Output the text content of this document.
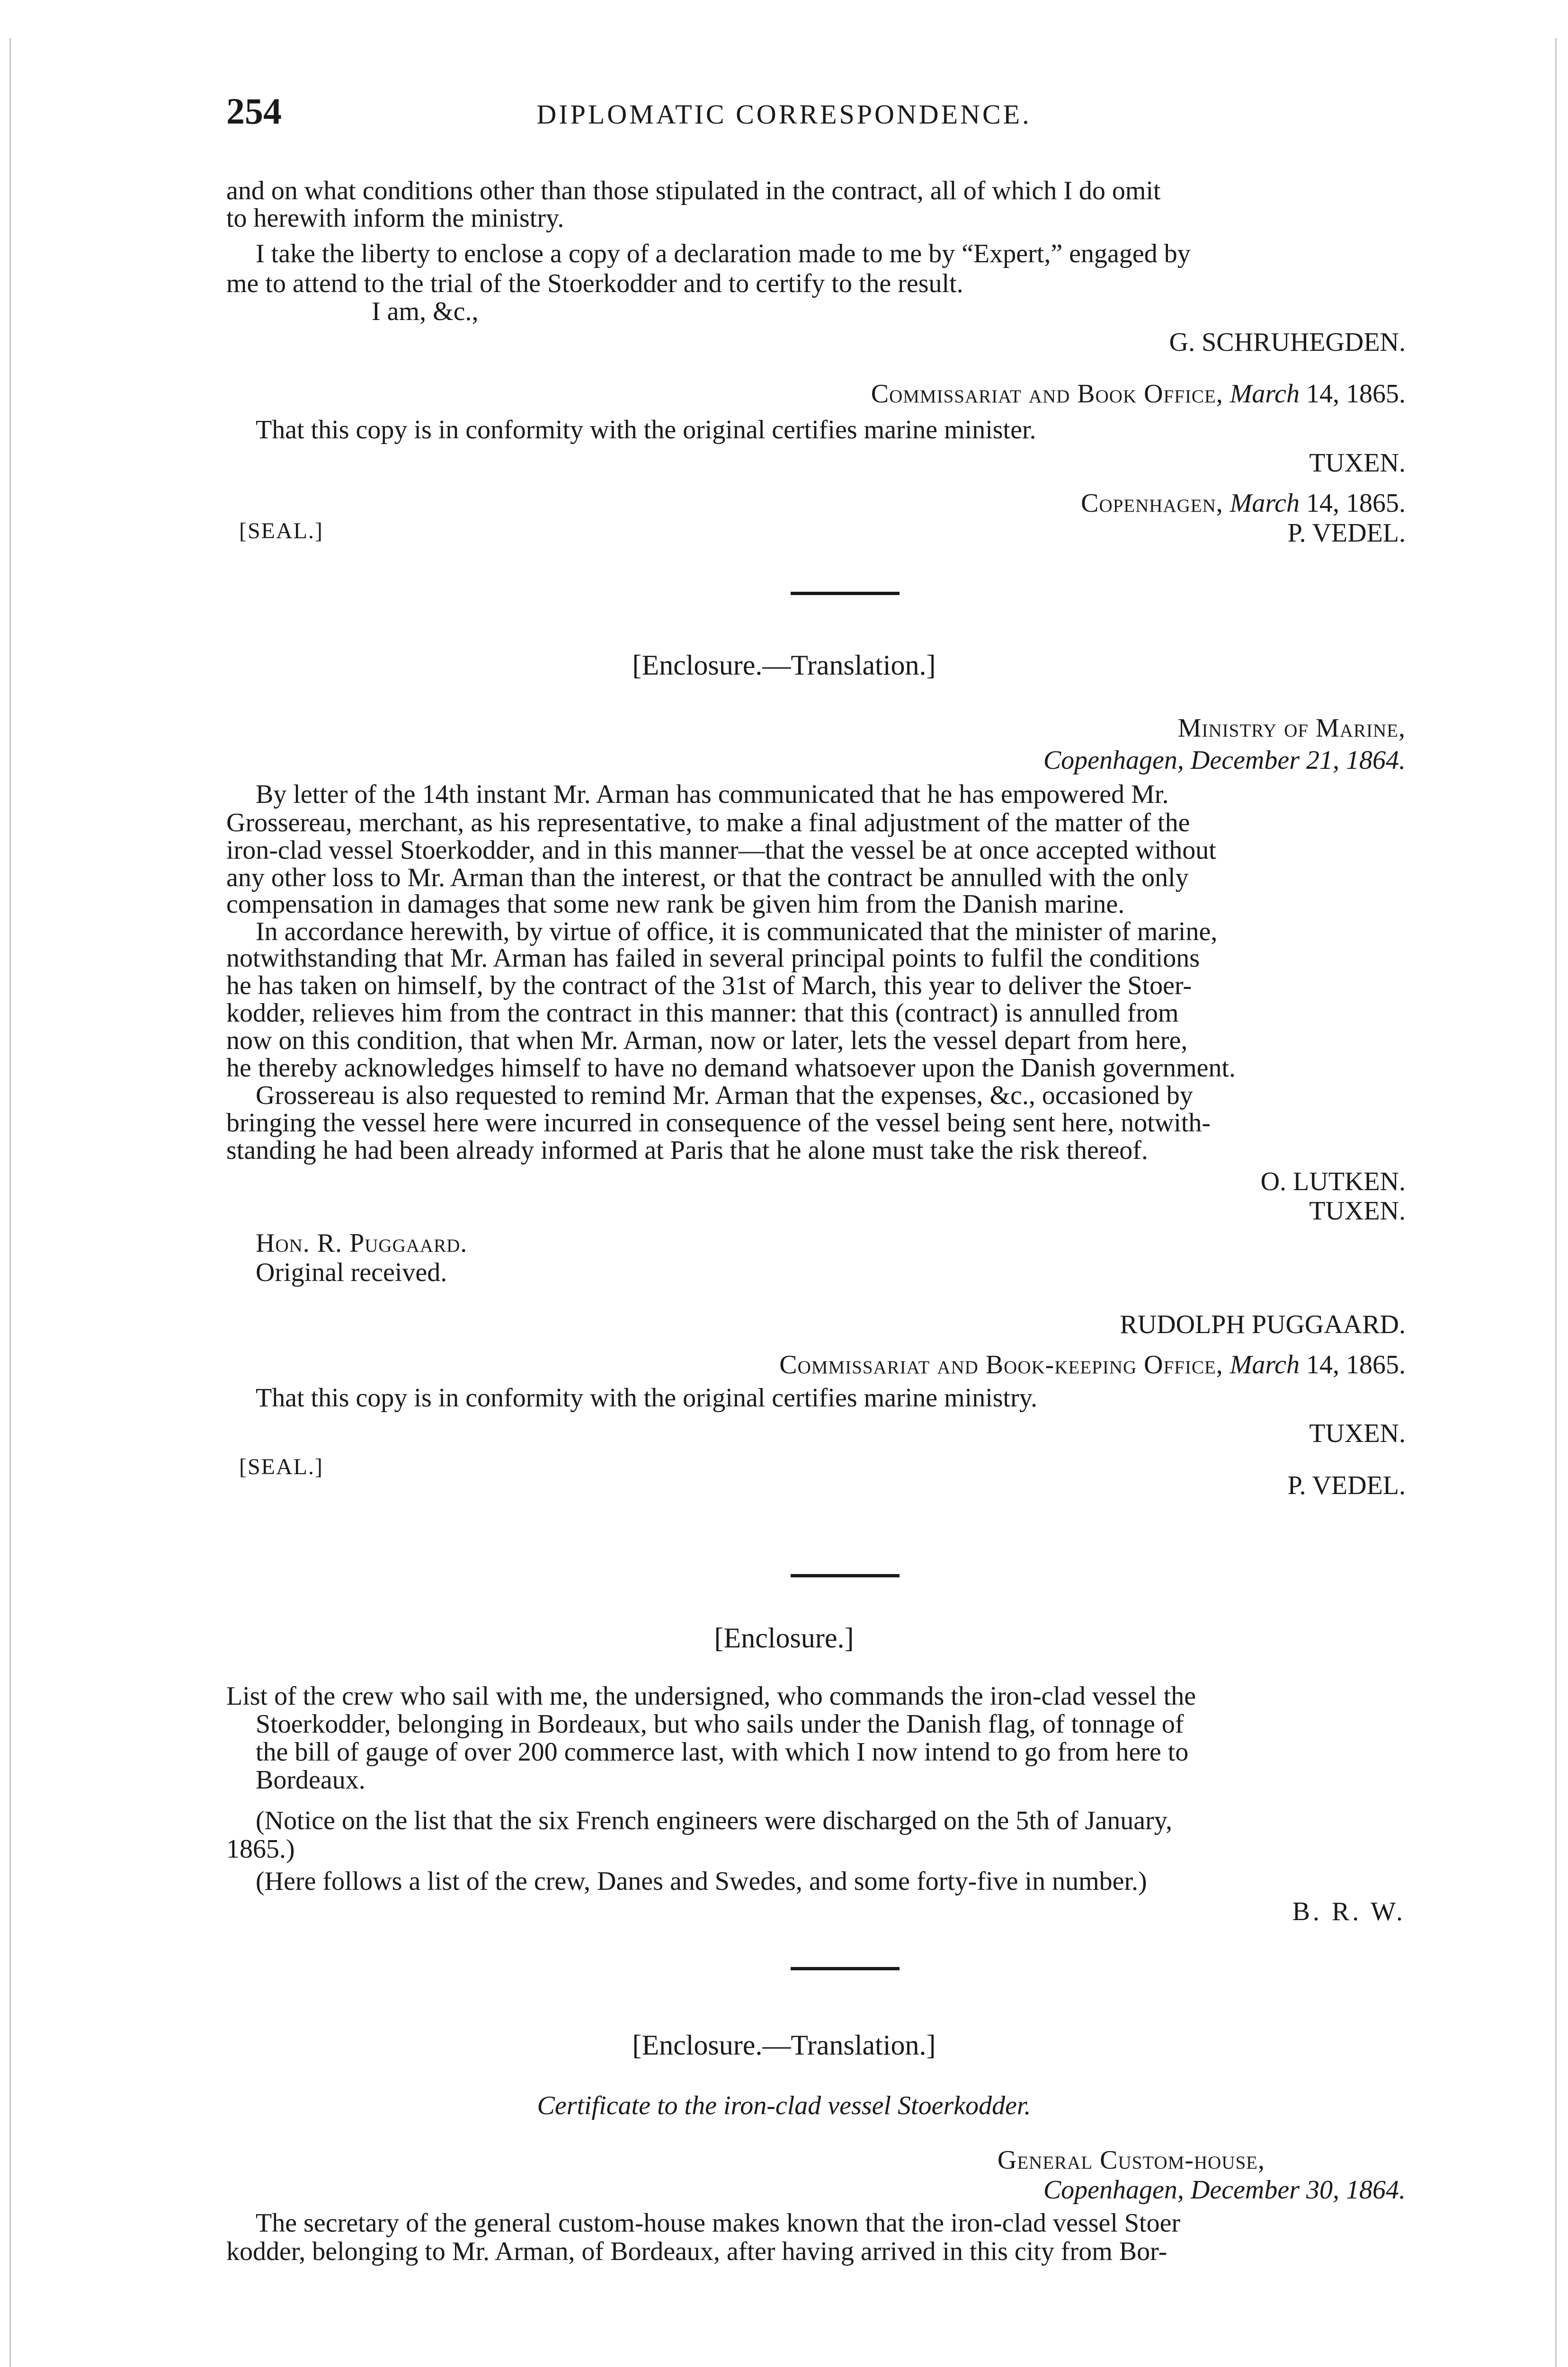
254	DIPLOMATIC CORRESPONDENCE.
and on what conditions other than those stipulated in the contract, all of which I do omit
to herewith inform the ministry.
I take the liberty to enclose a copy of a declaration made to me by “Expert,” engaged by
me to attend to the trial of the Stoerkodder and to certify to the result.
I am, &c.,
G. SCHRUHEGDEN.
Commissariat and Book Office, March 14, 1865.
That this copy is in conformity with the original certifies marine minister.
TUXEN.
Copenhagen, March 14, 1865.
[SEAL.]	P. VEDEL.
[Enclosure.—Translation.]
Ministry of Marine,
Copenhagen, December 21, 1864.
By letter of the 14th instant Mr. Arman has communicated that he has empowered Mr.
Grossereau, merchant, as his representative, to make a final adjustment of the matter of the
iron-clad vessel Stoerkodder, and in this manner—that the vessel be at once accepted without
any other loss to Mr. Arman than the interest, or that the contract be annulled with the only
compensation in damages that some new rank be given him from the Danish marine.
In accordance herewith, by virtue of office, it is communicated that the minister of marine,
notwithstanding that Mr. Arman has failed in several principal points to fulfil the conditions
he has taken on himself, by the contract of the 31st of March, this year to deliver the Stoer-
kodder, relieves him from the contract in this manner: that this (contract) is annulled from
now on this condition, that when Mr. Arman, now or later, lets the vessel depart from here,
he thereby acknowledges himself to have no demand whatsoever upon the Danish government.
Grossereau is also requested to remind Mr. Arman that the expenses, &c., occasioned by
bringing the vessel here were incurred in consequence of the vessel being sent here, notwith-
standing he had been already informed at Paris that he alone must take the risk thereof.
O. LUTKEN.
TUXEN.
Hon. R. Puggaard.
Original received.
RUDOLPH PUGGAARD.
Commissariat and Book-keeping Office, March 14, 1865.
That this copy is in conformity with the original certifies marine ministry.
TUXEN.
[SEAL.]
P. VEDEL.
[Enclosure.]
List of the crew who sail with me, the undersigned, who commands the iron-clad vessel the
Stoerkodder, belonging in Bordeaux, but who sails under the Danish flag, of tonnage of
the bill of gauge of over 200 commerce last, with which I now intend to go from here to
Bordeaux.
(Notice on the list that the six French engineers were discharged on the 5th of January,
1865.)
(Here follows a list of the crew, Danes and Swedes, and some forty-five in number.)
B. R. W.
[Enclosure.—Translation.]
Certificate to the iron-clad vessel Stoerkodder.
General Custom-house,
Copenhagen, December 30, 1864.
The secretary of the general custom-house makes known that the iron-clad vessel Stoer
kodder, belonging to Mr. Arman, of Bordeaux, after having arrived in this city from Bor-
